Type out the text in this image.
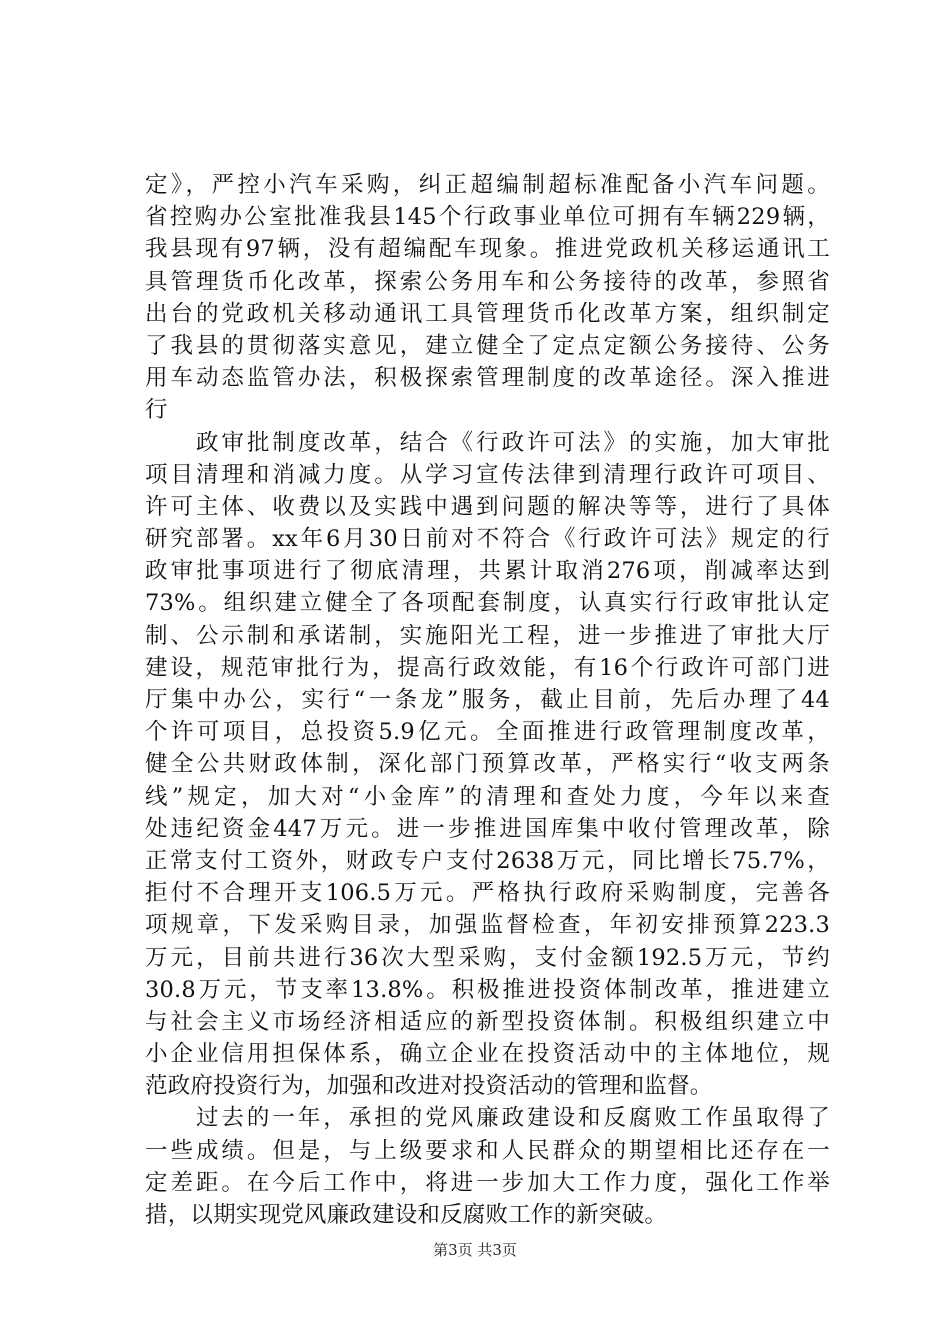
定》，严控小汽车采购，纠正超编制超标准配备小汽车问题。
省控购办公室批准我县145个行政事业单位可拥有车辆229辆，
我县现有97辆，没有超编配车现象。推进党政机关移运通讯工
具管理货币化改革，探索公务用车和公务接待的改革，参照省
出台的党政机关移动通讯工具管理货币化改革方案，组织制定
了我县的贯彻落实意见，建立健全了定点定额公务接待、公务
用车动态监管办法，积极探索管理制度的改革途径。深入推进
行
　　政审批制度改革，结合《行政许可法》的实施，加大审批
项目清理和消减力度。从学习宣传法律到清理行政许可项目、
许可主体、收费以及实践中遇到问题的解决等等，进行了具体
研究部署。xx年6月30日前对不符合《行政许可法》规定的行
政审批事项进行了彻底清理，共累计取消276项，削减率达到
73%。组织建立健全了各项配套制度，认真实行行政审批认定
制、公示制和承诺制，实施阳光工程，进一步推进了审批大厅
建设，规范审批行为，提高行政效能，有16个行政许可部门进
厅集中办公，实行“一条龙”服务，截止目前，先后办理了44
个许可项目，总投资5.9亿元。全面推进行政管理制度改革，
健全公共财政体制，深化部门预算改革，严格实行“收支两条
线”规定，加大对“小金库”的清理和查处力度，今年以来查
处违纪资金447万元。进一步推进国库集中收付管理改革，除
正常支付工资外，财政专户支付2638万元，同比增长75.7%，
拒付不合理开支106.5万元。严格执行政府采购制度，完善各
项规章，下发采购目录，加强监督检查，年初安排预算223.3
万元，目前共进行36次大型采购，支付金额192.5万元，节约
30.8万元，节支率13.8%。积极推进投资体制改革，推进建立
与社会主义市场经济相适应的新型投资体制。积极组织建立中
小企业信用担保体系，确立企业在投资活动中的主体地位，规
范政府投资行为，加强和改进对投资活动的管理和监督。
　　过去的一年，承担的党风廉政建设和反腐败工作虽取得了
一些成绩。但是，与上级要求和人民群众的期望相比还存在一
定差距。在今后工作中，将进一步加大工作力度，强化工作举
措，以期实现党风廉政建设和反腐败工作的新突破。
第3页 共3页
